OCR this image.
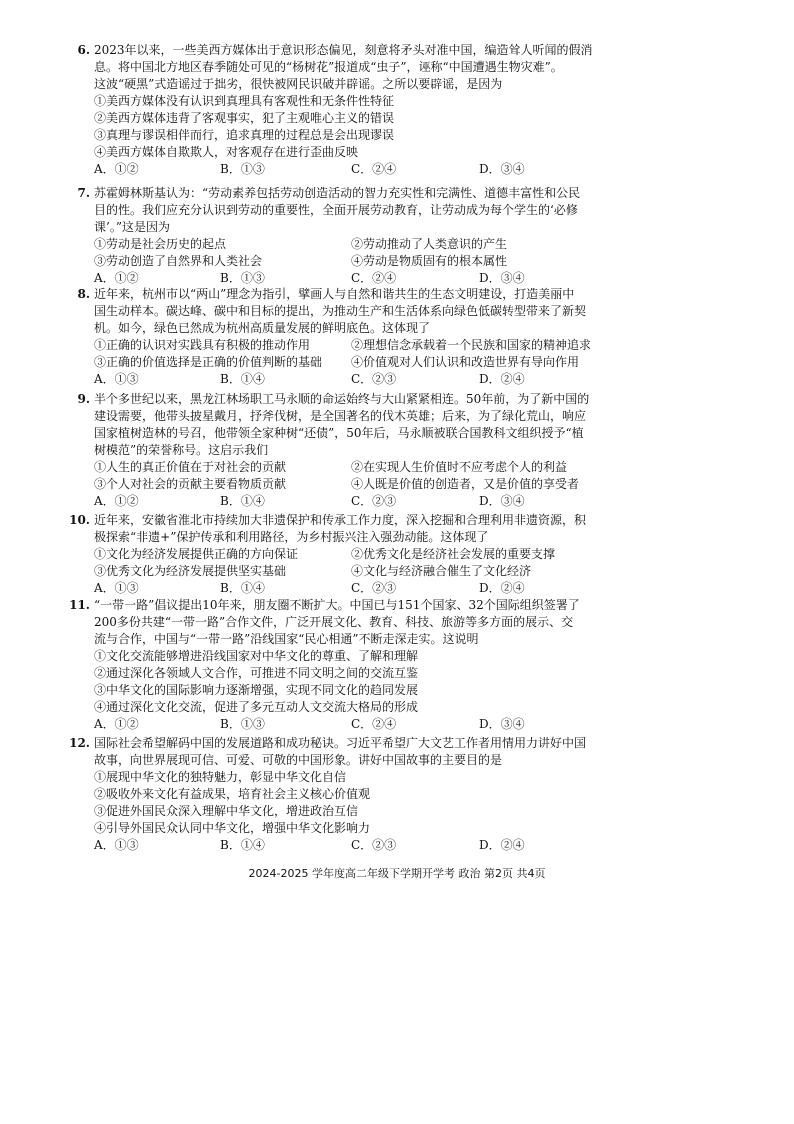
6. 2023年以来，一些美西方媒体出于意识形态偏见，刻意将矛头对准中国，编造耸人听闻的假消
息。将中国北方地区春季随处可见的“杨树花”报道成“虫子”，诬称“中国遭遇生物灾难”。
这波“硬黑”式造谣过于拙劣，很快被网民识破并辟谣。之所以要辟谣，是因为
①美西方媒体没有认识到真理具有客观性和无条件性特征
②美西方媒体违背了客观事实，犯了主观唯心主义的错误
③真理与谬误相伴而行，追求真理的过程总是会出现谬误
④美西方媒体自欺欺人，对客观存在进行歪曲反映
A．①②	B．①③	C．②④	D．③④
7. 苏霍姆林斯基认为：“劳动素养包括劳动创造活动的智力充实性和完满性、道德丰富性和公民
目的性。我们应充分认识到劳动的重要性，全面开展劳动教育，让劳动成为每个学生的‘必修
课’。”这是因为
①劳动是社会历史的起点	②劳动推动了人类意识的产生
③劳动创造了自然界和人类社会	④劳动是物质固有的根本属性
A．①②	B．①③	C．②④	D．③④
8. 近年来，杭州市以“两山”理念为指引，擘画人与自然和谐共生的生态文明建设，打造美丽中
国生动样本。碳达峰、碳中和目标的提出，为推动生产和生活体系向绿色低碳转型带来了新契
机。如今，绿色已然成为杭州高质量发展的鲜明底色。这体现了
①正确的认识对实践具有积极的推动作用	②理想信念承载着一个民族和国家的精神追求
③正确的价值选择是正确的价值判断的基础 ④价值观对人们认识和改造世界有导向作用
A．①③	B．①④	C．②③	D．②④
9. 半个多世纪以来，黑龙江林场职工马永顺的命运始终与大山紧紧相连。50年前，为了新中国的
建设需要，他带头披星戴月，抒斧伐树，是全国著名的伐木英雄；后来，为了绿化荒山，响应
国家植树造林的号召，他带领全家种树“还债”，50年后，马永顺被联合国教科文组织授予“植
树模范”的荣誉称号。这启示我们
①人生的真正价值在于对社会的贡献	②在实现人生价值时不应考虑个人的利益
③个人对社会的贡献主要看物质贡献	④人既是价值的创造者，又是价值的享受者
A．①②	B．①④	C．②③	D．③④
10. 近年来，安徽省淮北市持续加大非遗保护和传承工作力度，深入挖掘和合理利用非遗资源，积
极探索“非遗+”保护传承和利用路径，为乡村振兴注入强劲动能。这体现了
①文化为经济发展提供正确的方向保证	②优秀文化是经济社会发展的重要支撑
③优秀文化为经济发展提供坚实基础	④文化与经济融合催生了文化经济
A．①③	B．①④	C．②③	D．②④
11. “一带一路”倡议提出10年来，朋友圈不断扩大。中国已与151个国家、32个国际组织签署了
200多份共建“一带一路”合作文件，广泛开展文化、教育、科技、旅游等多方面的展示、交
流与合作，中国与“一带一路”沿线国家“民心相通”不断走深走实。这说明
①文化交流能够增进沿线国家对中华文化的尊重、了解和理解
②通过深化各领域人文合作，可推进不同文明之间的交流互鉴
③中华文化的国际影响力逐渐增强，实现不同文化的趋同发展
④通过深化文化交流，促进了多元互动人文交流大格局的形成
A．①②	B．①③	C．②④	D．③④
12. 国际社会希望解码中国的发展道路和成功秘诀。习近平希望广大文艺工作者用情用力讲好中国
故事，向世界展现可信、可爱、可敬的中国形象。讲好中国故事的主要目的是
①展现中华文化的独特魅力，彰显中华文化自信
②吸收外来文化有益成果，培育社会主义核心价值观
③促进外国民众深入理解中华文化，增进政治互信
④引导外国民众认同中华文化，增强中华文化影响力
A．①③	B．①④	C．②③	D．②④
2024-2025 学年度高二年级下学期开学考 政治 第2页 共4页
